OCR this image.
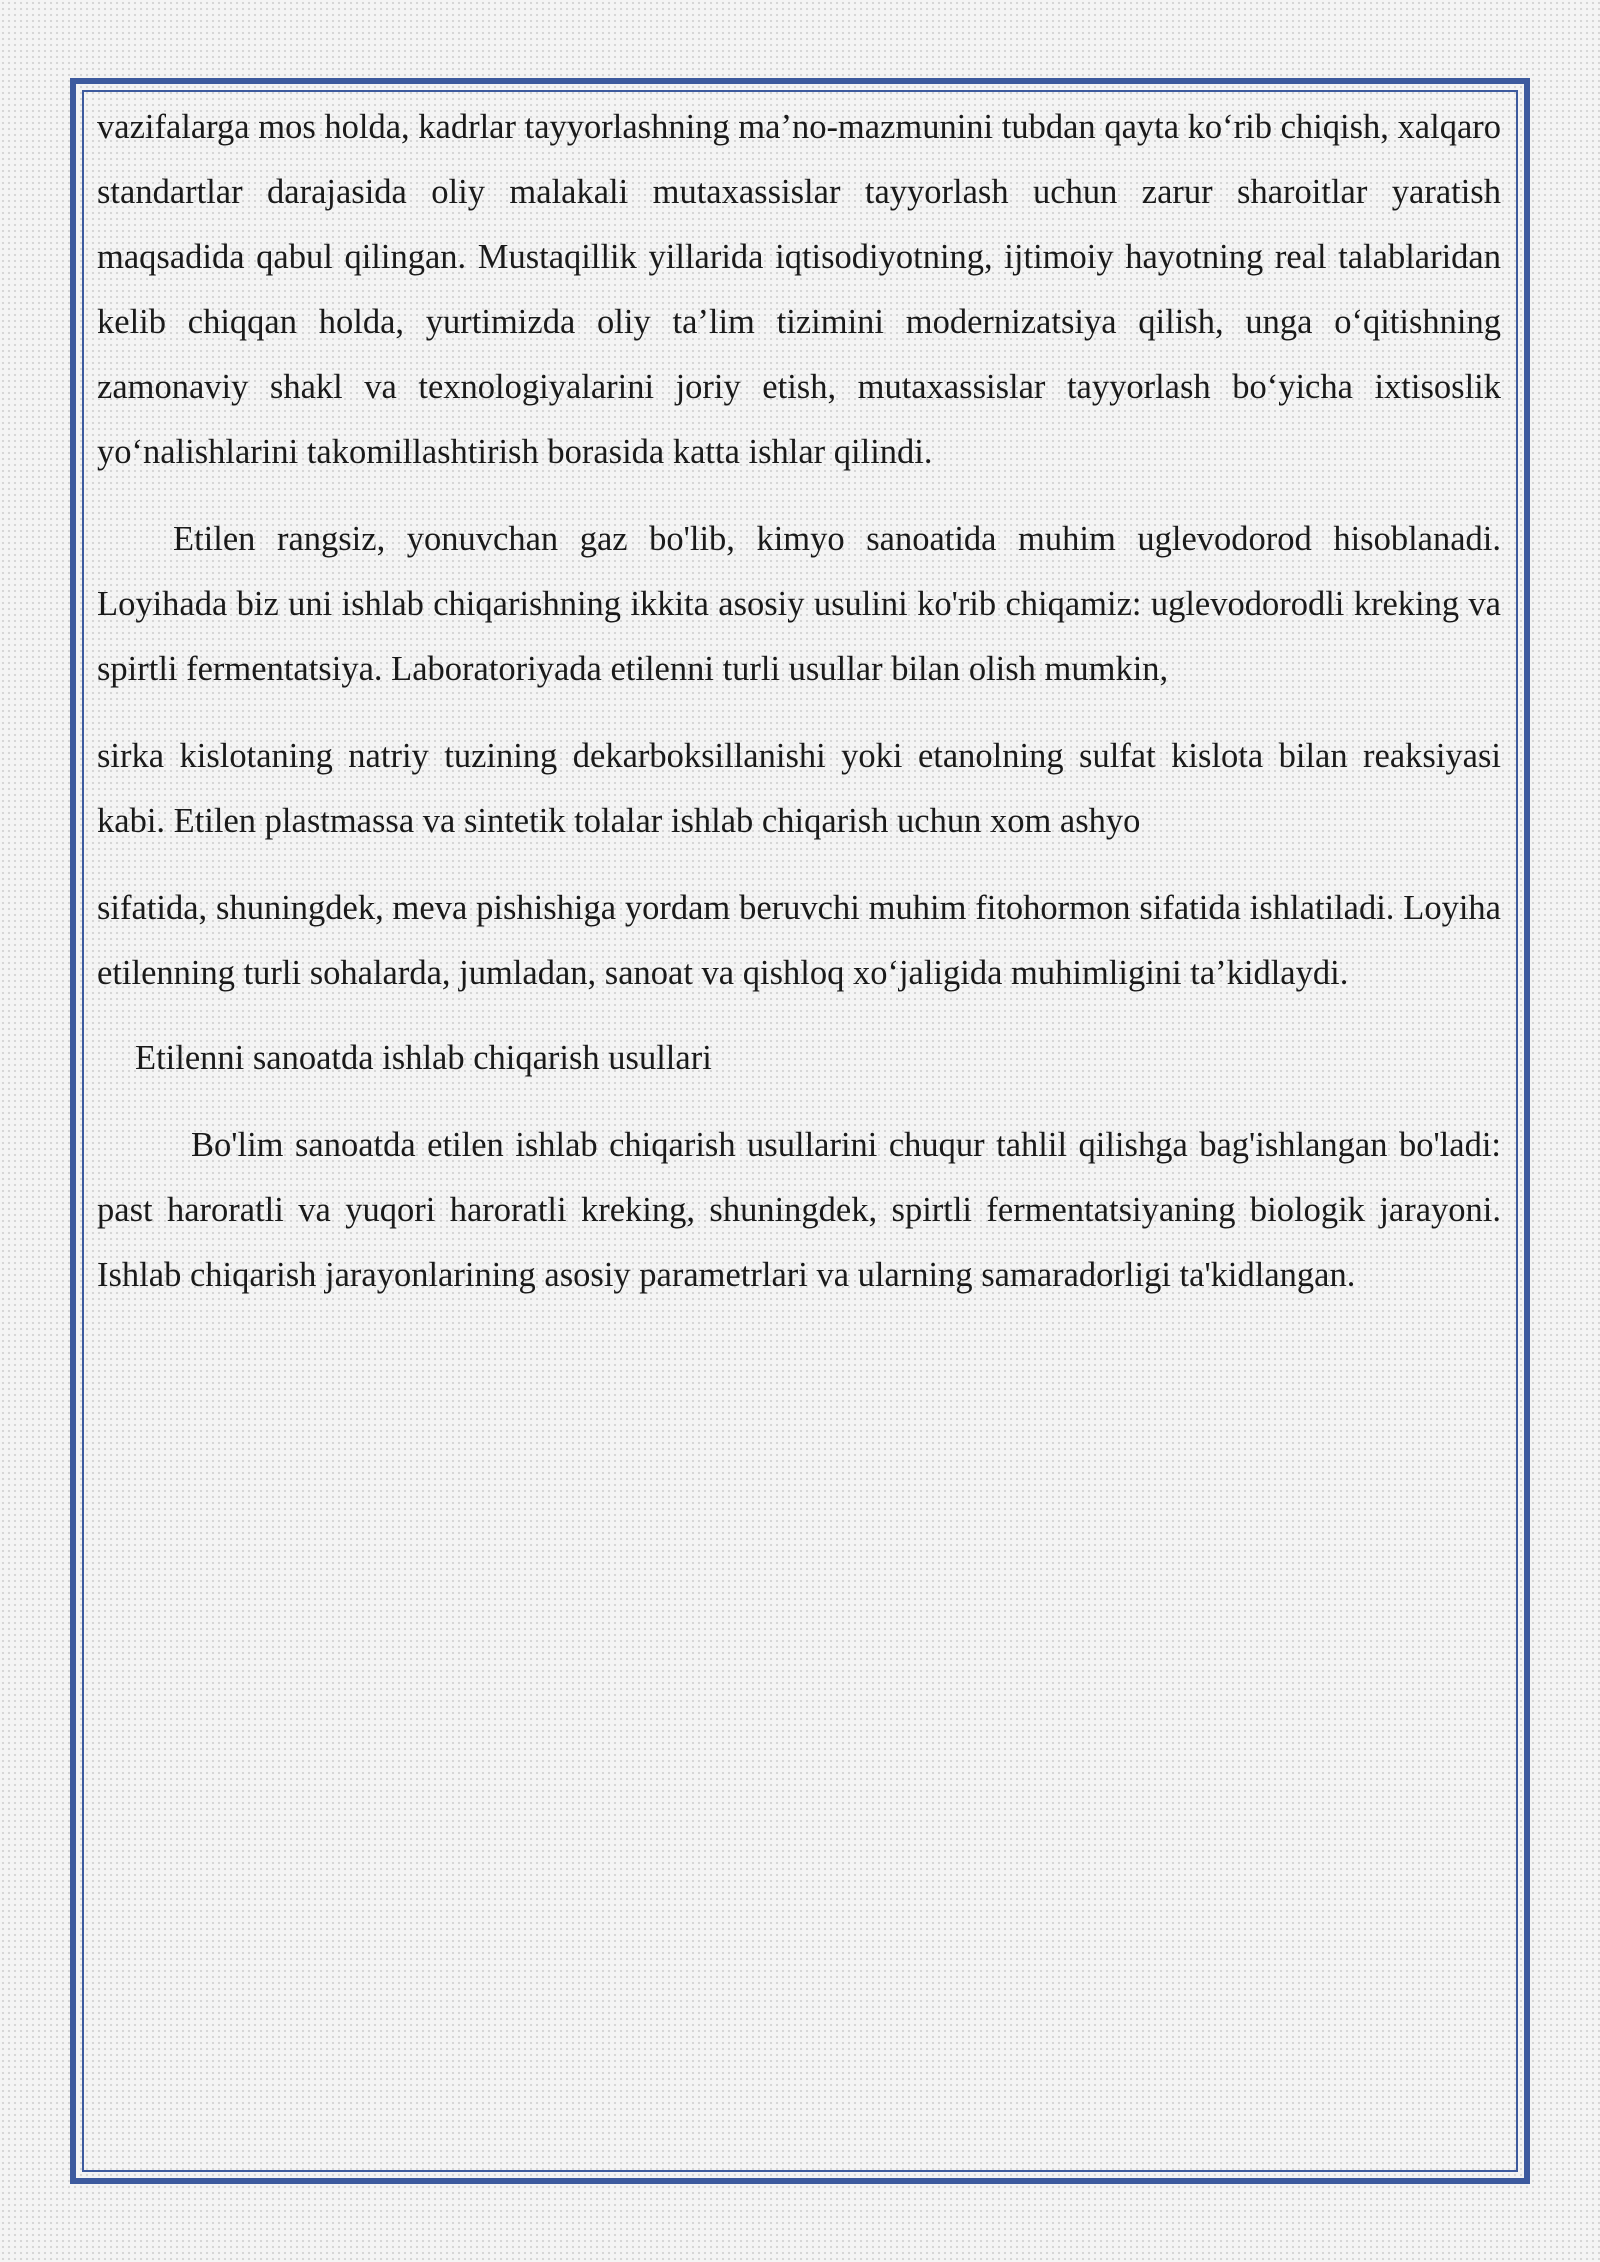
vazifalarga mos holda, kadrlar tayyorlashning ma’no-mazmunini tubdan qayta ko‘rib chiqish, xalqaro standartlar darajasida oliy malakali mutaxassislar tayyorlash uchun zarur sharoitlar yaratish maqsadida qabul qilingan. Mustaqillik yillarida iqtisodiyotning, ijtimoiy hayotning real talablaridan kelib chiqqan holda, yurtimizda oliy ta’lim tizimini modernizatsiya qilish, unga o‘qitishning zamonaviy shakl va texnologiyalarini joriy etish, mutaxassislar tayyorlash bo‘yicha ixtisoslik yo‘nalishlarini takomillashtirish borasida katta ishlar qilindi.

Etilen rangsiz, yonuvchan gaz bo'lib, kimyo sanoatida muhim uglevodorod hisoblanadi. Loyihada biz uni ishlab chiqarishning ikkita asosiy usulini ko'rib chiqamiz: uglevodorodli kreking va spirtli fermentatsiya. Laboratoriyada etilenni turli usullar bilan olish mumkin,

sirka kislotaning natriy tuzining dekarboksillanishi yoki etanolning sulfat kislota bilan reaksiyasi kabi. Etilen plastmassa va sintetik tolalar ishlab chiqarish uchun xom ashyo

sifatida, shuningdek, meva pishishiga yordam beruvchi muhim fitohormon sifatida ishlatiladi. Loyiha etilenning turli sohalarda, jumladan, sanoat va qishloq xo‘jaligida muhimligini ta’kidlaydi.

Etilenni sanoatda ishlab chiqarish usullari

Bo'lim sanoatda etilen ishlab chiqarish usullarini chuqur tahlil qilishga bag'ishlangan bo'ladi: past haroratli va yuqori haroratli kreking, shuningdek, spirtli fermentatsiyaning biologik jarayoni. Ishlab chiqarish jarayonlarining asosiy parametrlari va ularning samaradorligi ta'kidlangan.
